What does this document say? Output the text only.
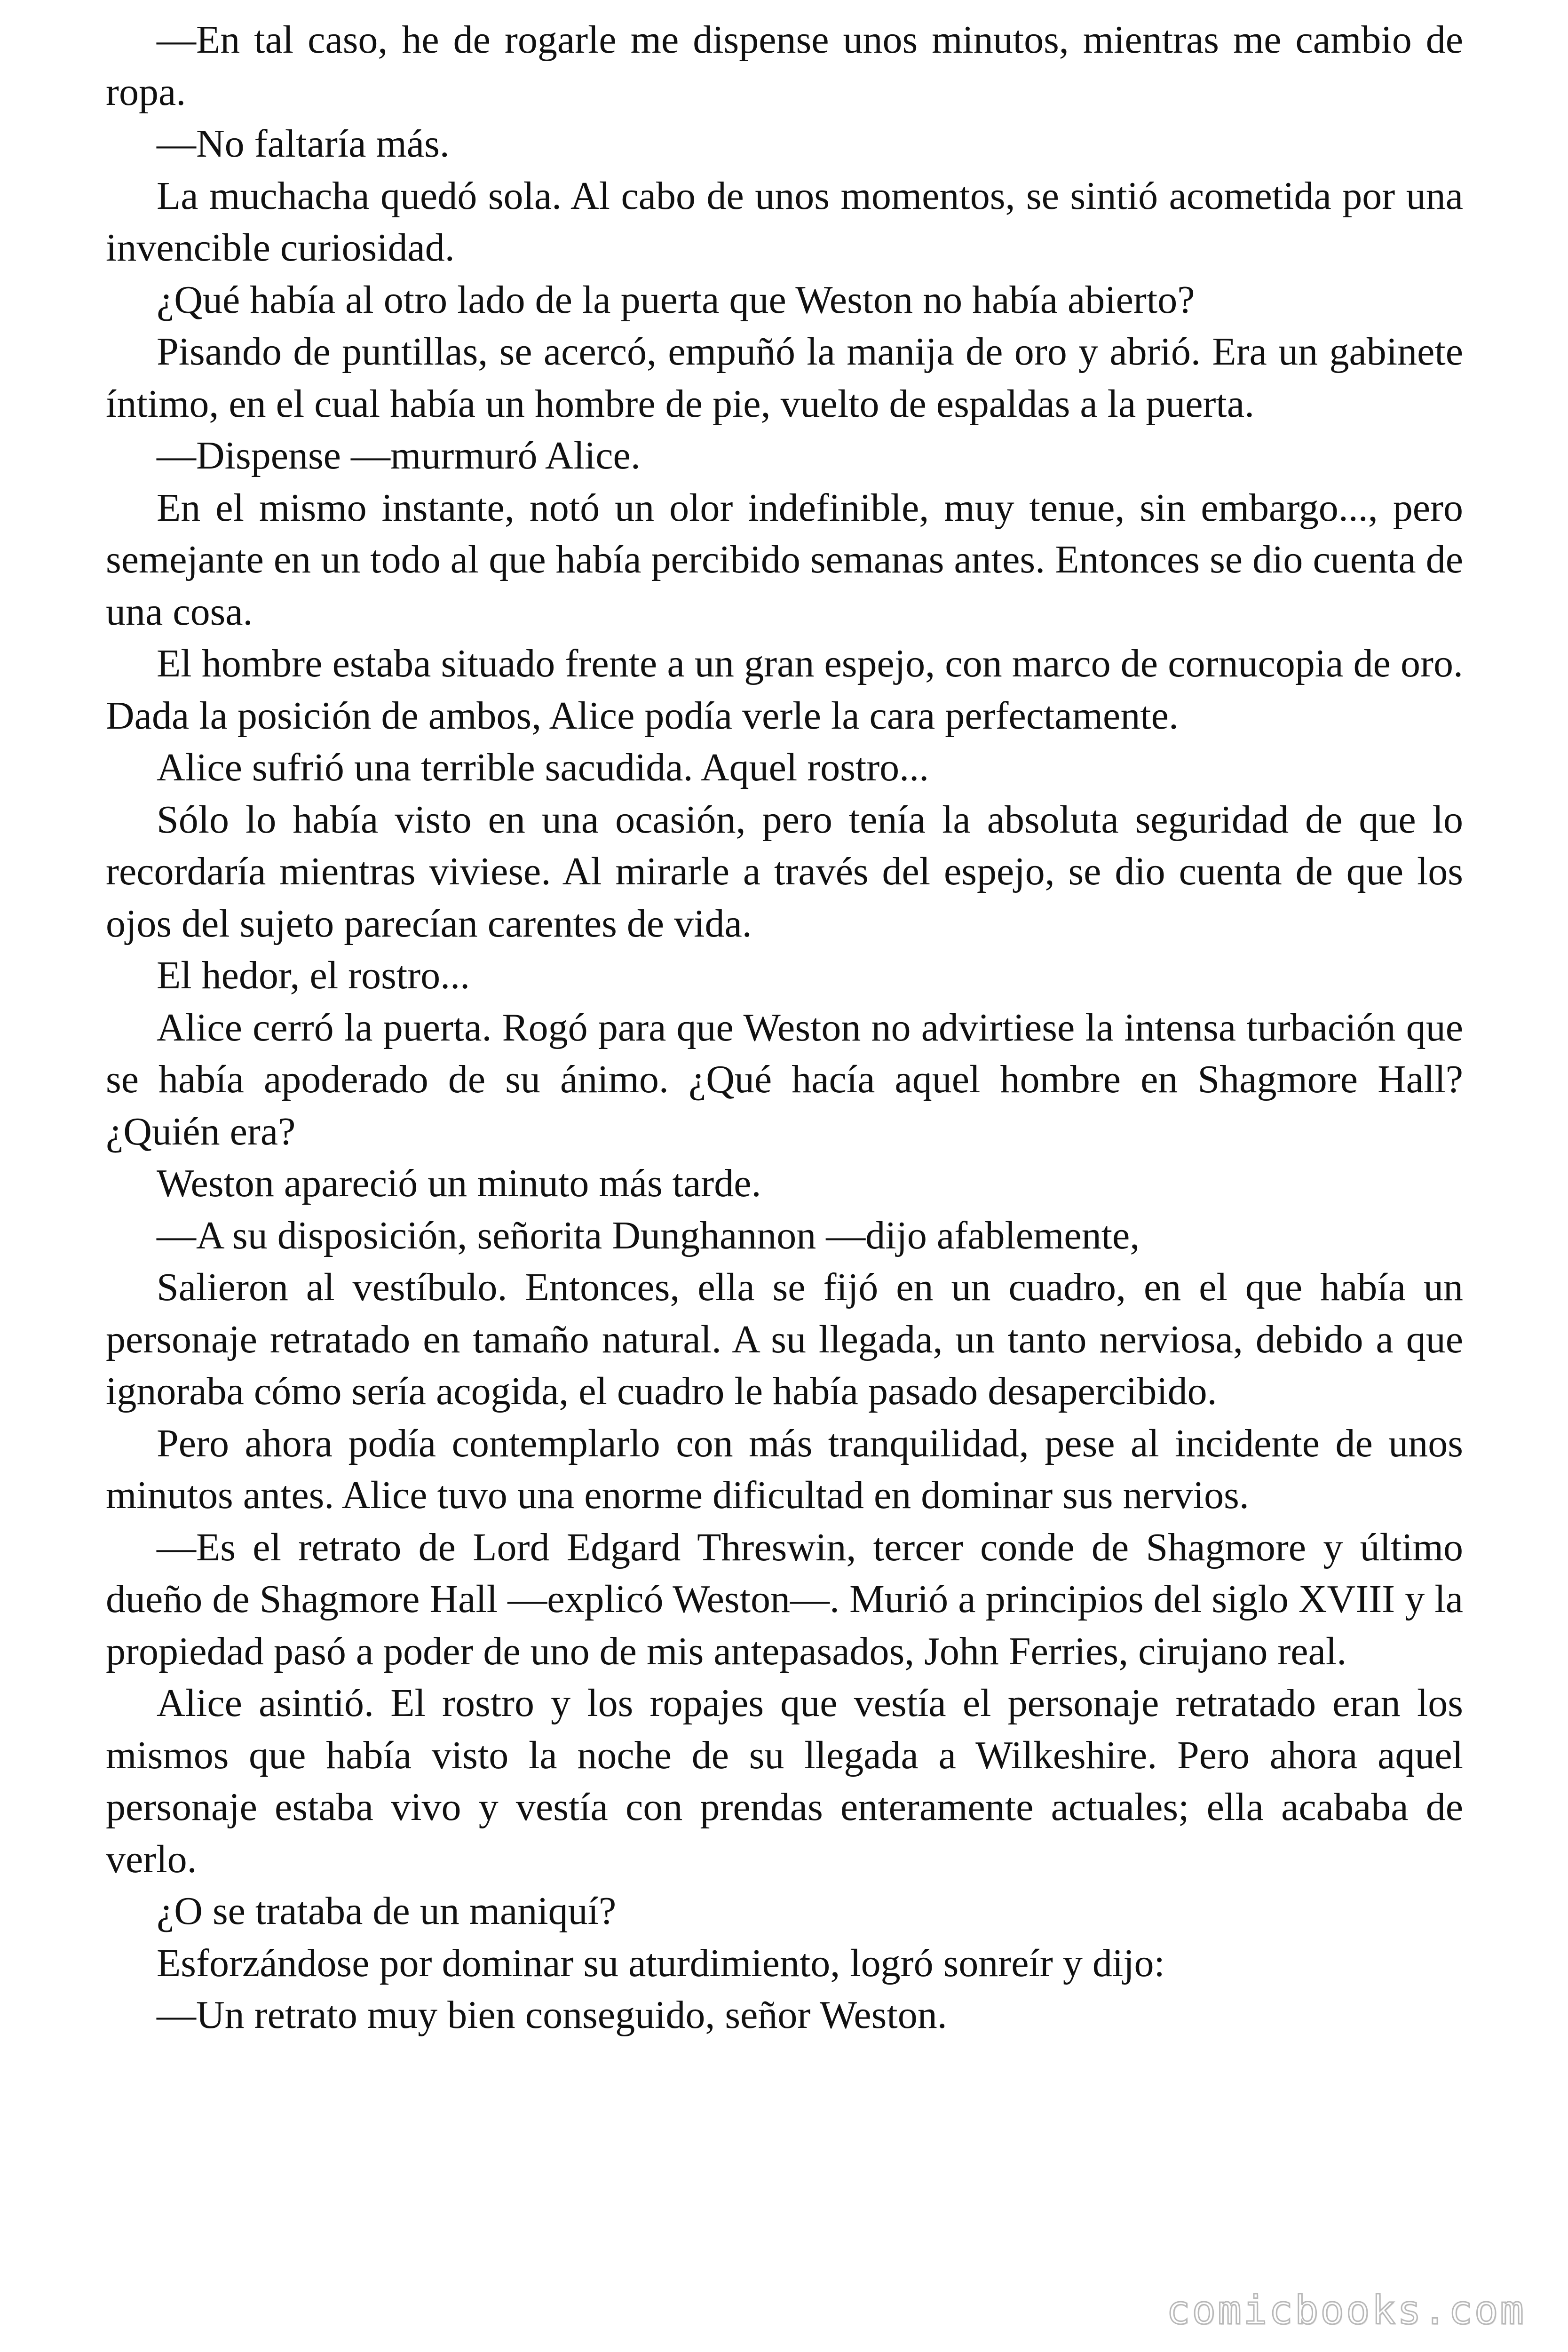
—En tal caso, he de rogarle me dispense unos minutos, mientras me cambio de ropa.

—No faltaría más.

La muchacha quedó sola. Al cabo de unos momentos, se sintió acometida por una invencible curiosidad.

¿Qué había al otro lado de la puerta que Weston no había abierto?

Pisando de puntillas, se acercó, empuñó la manija de oro y abrió. Era un gabinete íntimo, en el cual había un hombre de pie, vuelto de espaldas a la puerta.

—Dispense —murmuró Alice.

En el mismo instante, notó un olor indefinible, muy tenue, sin embargo..., pero semejante en un todo al que había percibido semanas antes. Entonces se dio cuenta de una cosa.

El hombre estaba situado frente a un gran espejo, con marco de cornucopia de oro. Dada la posición de ambos, Alice podía verle la cara perfectamente.

Alice sufrió una terrible sacudida. Aquel rostro...

Sólo lo había visto en una ocasión, pero tenía la absoluta seguridad de que lo recordaría mientras viviese. Al mirarle a través del espejo, se dio cuenta de que los ojos del sujeto parecían carentes de vida.

El hedor, el rostro...

Alice cerró la puerta. Rogó para que Weston no advirtiese la intensa turbación que se había apoderado de su ánimo. ¿Qué hacía aquel hombre en Shagmore Hall? ¿Quién era?

Weston apareció un minuto más tarde.

—A su disposición, señorita Dunghannon —dijo afablemente,

Salieron al vestíbulo. Entonces, ella se fijó en un cuadro, en el que había un personaje retratado en tamaño natural. A su llegada, un tanto nerviosa, debido a que ignoraba cómo sería acogida, el cuadro le había pasado desapercibido.

Pero ahora podía contemplarlo con más tranquilidad, pese al incidente de unos minutos antes. Alice tuvo una enorme dificultad en dominar sus nervios.

—Es el retrato de Lord Edgard Threswin, tercer conde de Shagmore y último dueño de Shagmore Hall —explicó Weston—. Murió a principios del siglo XVIII y la propiedad pasó a poder de uno de mis antepasados, John Ferries, cirujano real.

Alice asintió. El rostro y los ropajes que vestía el personaje retratado eran los mismos que había visto la noche de su llegada a Wilkeshire. Pero ahora aquel personaje estaba vivo y vestía con prendas enteramente actuales; ella acababa de verlo.

¿O se trataba de un maniquí?

Esforzándose por dominar su aturdimiento, logró sonreír y dijo:

—Un retrato muy bien conseguido, señor Weston.

comicbooks.com
